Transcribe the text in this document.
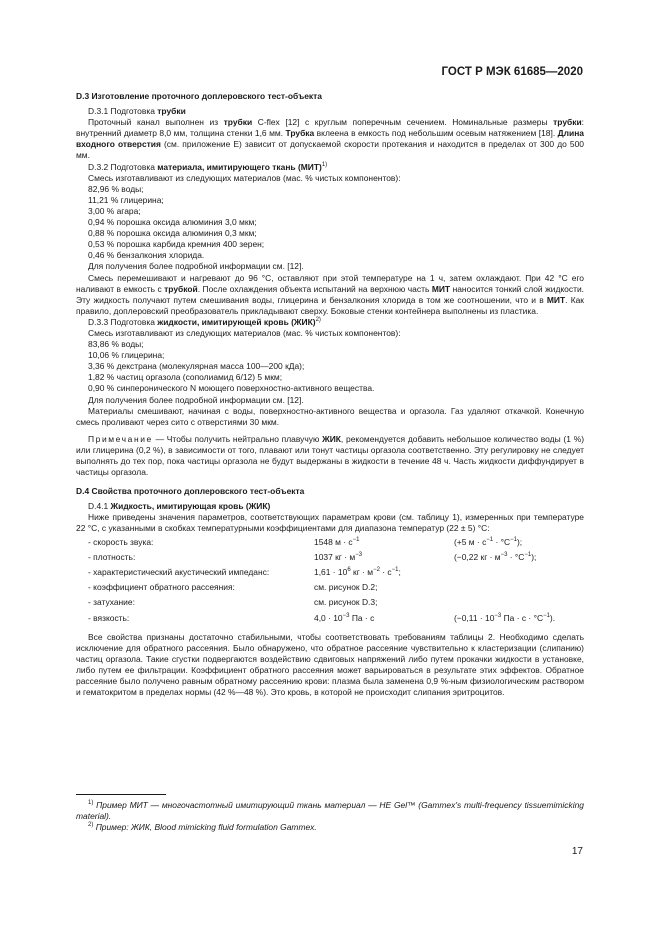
ГОСТ Р МЭК 61685—2020
D.3 Изготовление проточного доплеровского тест-объекта

D.3.1 Подготовка трубки

Проточный канал выполнен из трубки C-flex [12] с круглым поперечным сечением. Номинальные размеры трубки: внутренний диаметр 8,0 мм, толщина стенки 1,6 мм. Трубка вклеена в емкость под небольшим осевым натяжением [18]. Длина входного отверстия (см. приложение Е) зависит от допускаемой скорости протекания и находится в пределах от 300 до 500 мм.

D.3.2 Подготовка материала, имитирующего ткань (МИТ)$^{1)}$

Смесь изготавливают из следующих материалов (мас. % чистых компонентов):

82,96 % воды;

11,21 % глицерина;

3,00 % агара;

0,94 % порошка оксида алюминия 3,0 мкм;

0,88 % порошка оксида алюминия 0,3 мкм;

0,53 % порошка карбида кремния 400 зерен;

0,46 % бензалкония хлорида.

Для получения более подробной информации см. [12].

Смесь перемешивают и нагревают до 96 °С, оставляют при этой температуре на 1 ч, затем охлаждают. При 42 °С его наливают в емкость с трубкой. После охлаждения объекта испытаний на верхнюю часть МИТ наносится тонкий слой жидкости. Эту жидкость получают путем смешивания воды, глицерина и бензалкония хлорида в том же соотношении, что и в МИТ. Как правило, доплеровский преобразователь прикладывают сверху. Боковые стенки контейнера выполнены из пластика.

D.3.3 Подготовка жидкости, имитирующей кровь (ЖИК)$^{2)}$

Смесь изготавливают из следующих материалов (мас. % чистых компонентов):

83,86 % воды;

10,06 % глицерина;

3,36 % декстрана (молекулярная масса 100—200 кДа);

1,82 % частиц оргазола (сополиамид 6/12) 5 мкм;

0,90 % синперонического N моющего поверхностно-активного вещества.

Для получения более подробной информации см. [12].

Материалы смешивают, начиная с воды, поверхностно-активного вещества и оргазола. Газ удаляют откачкой. Конечную смесь проливают через сито с отверстиями 30 мкм.

Примечание — Чтобы получить нейтрально плавучую ЖИК, рекомендуется добавить небольшое количество воды (1 %) или глицерина (0,2 %), в зависимости от того, плавают или тонут частицы оргазола соответственно. Эту регулировку не следует выполнять до тех пор, пока частицы оргазола не будут выдержаны в жидкости в течение 48 ч. Часть жидкости диффундирует в частицы оргазола.

D.4 Свойства проточного доплеровского тест-объекта

D.4.1 Жидкость, имитирующая кровь (ЖИК)

Ниже приведены значения параметров, соответствующих параметрам крови (см. таблицу 1), измеренных при температуре 22 °С, с указанными в скобках температурными коэффициентами для диапазона температур (22 ± 5) °С:

- скорость звука:	1548 $м \cdot с^{-1}$	(+5 $м \cdot с^{-1} \cdot ^\circ С^{-1}$);
- плотность:	1037 кг · $м^{-3}$	(−0,22 кг · $м^{-3} \cdot ^\circ С^{-1}$);
- характеристический акустический импеданс:	$1,61 \cdot 10^6$ кг · $м^{-2} \cdot с^{-1}$;	
- коэффициент обратного рассеяния:	см. рисунок D.2;	
- затухание:	см. рисунок D.3;	
- вязкость:	$4,0 \cdot 10^{-3}$ Па · с	($-0,11 \cdot 10^{-3}$ Па · $с \cdot ^\circ С^{-1}$).

Все свойства признаны достаточно стабильными, чтобы соответствовать требованиям таблицы 2. Необходимо сделать исключение для обратного рассеяния. Было обнаружено, что обратное рассеяние чувствительно к кластеризации (слипанию) частиц оргазола. Такие сгустки подвергаются воздействию сдвиговых напряжений либо путем прокачки жидкости в установке, либо путем ее фильтрации. Коэффициент обратного рассеяния может варьироваться в результате этих эффектов. Обратное рассеяние было получено равным обратному рассеянию крови: плазма была заменена 0,9 %-ным физиологическим раствором и гематокритом в пределах нормы (42 %—48 %). Это кровь, в которой не происходит слипания эритроцитов.

$^{1)}$ Пример МИТ — многочастотный имитирующий ткань материал — HE Gel™ (Gammex's multi-frequency tissuemimicking material).

$^{2)}$ Пример: ЖИК, Blood mimicking fluid formulation Gammex.

17
